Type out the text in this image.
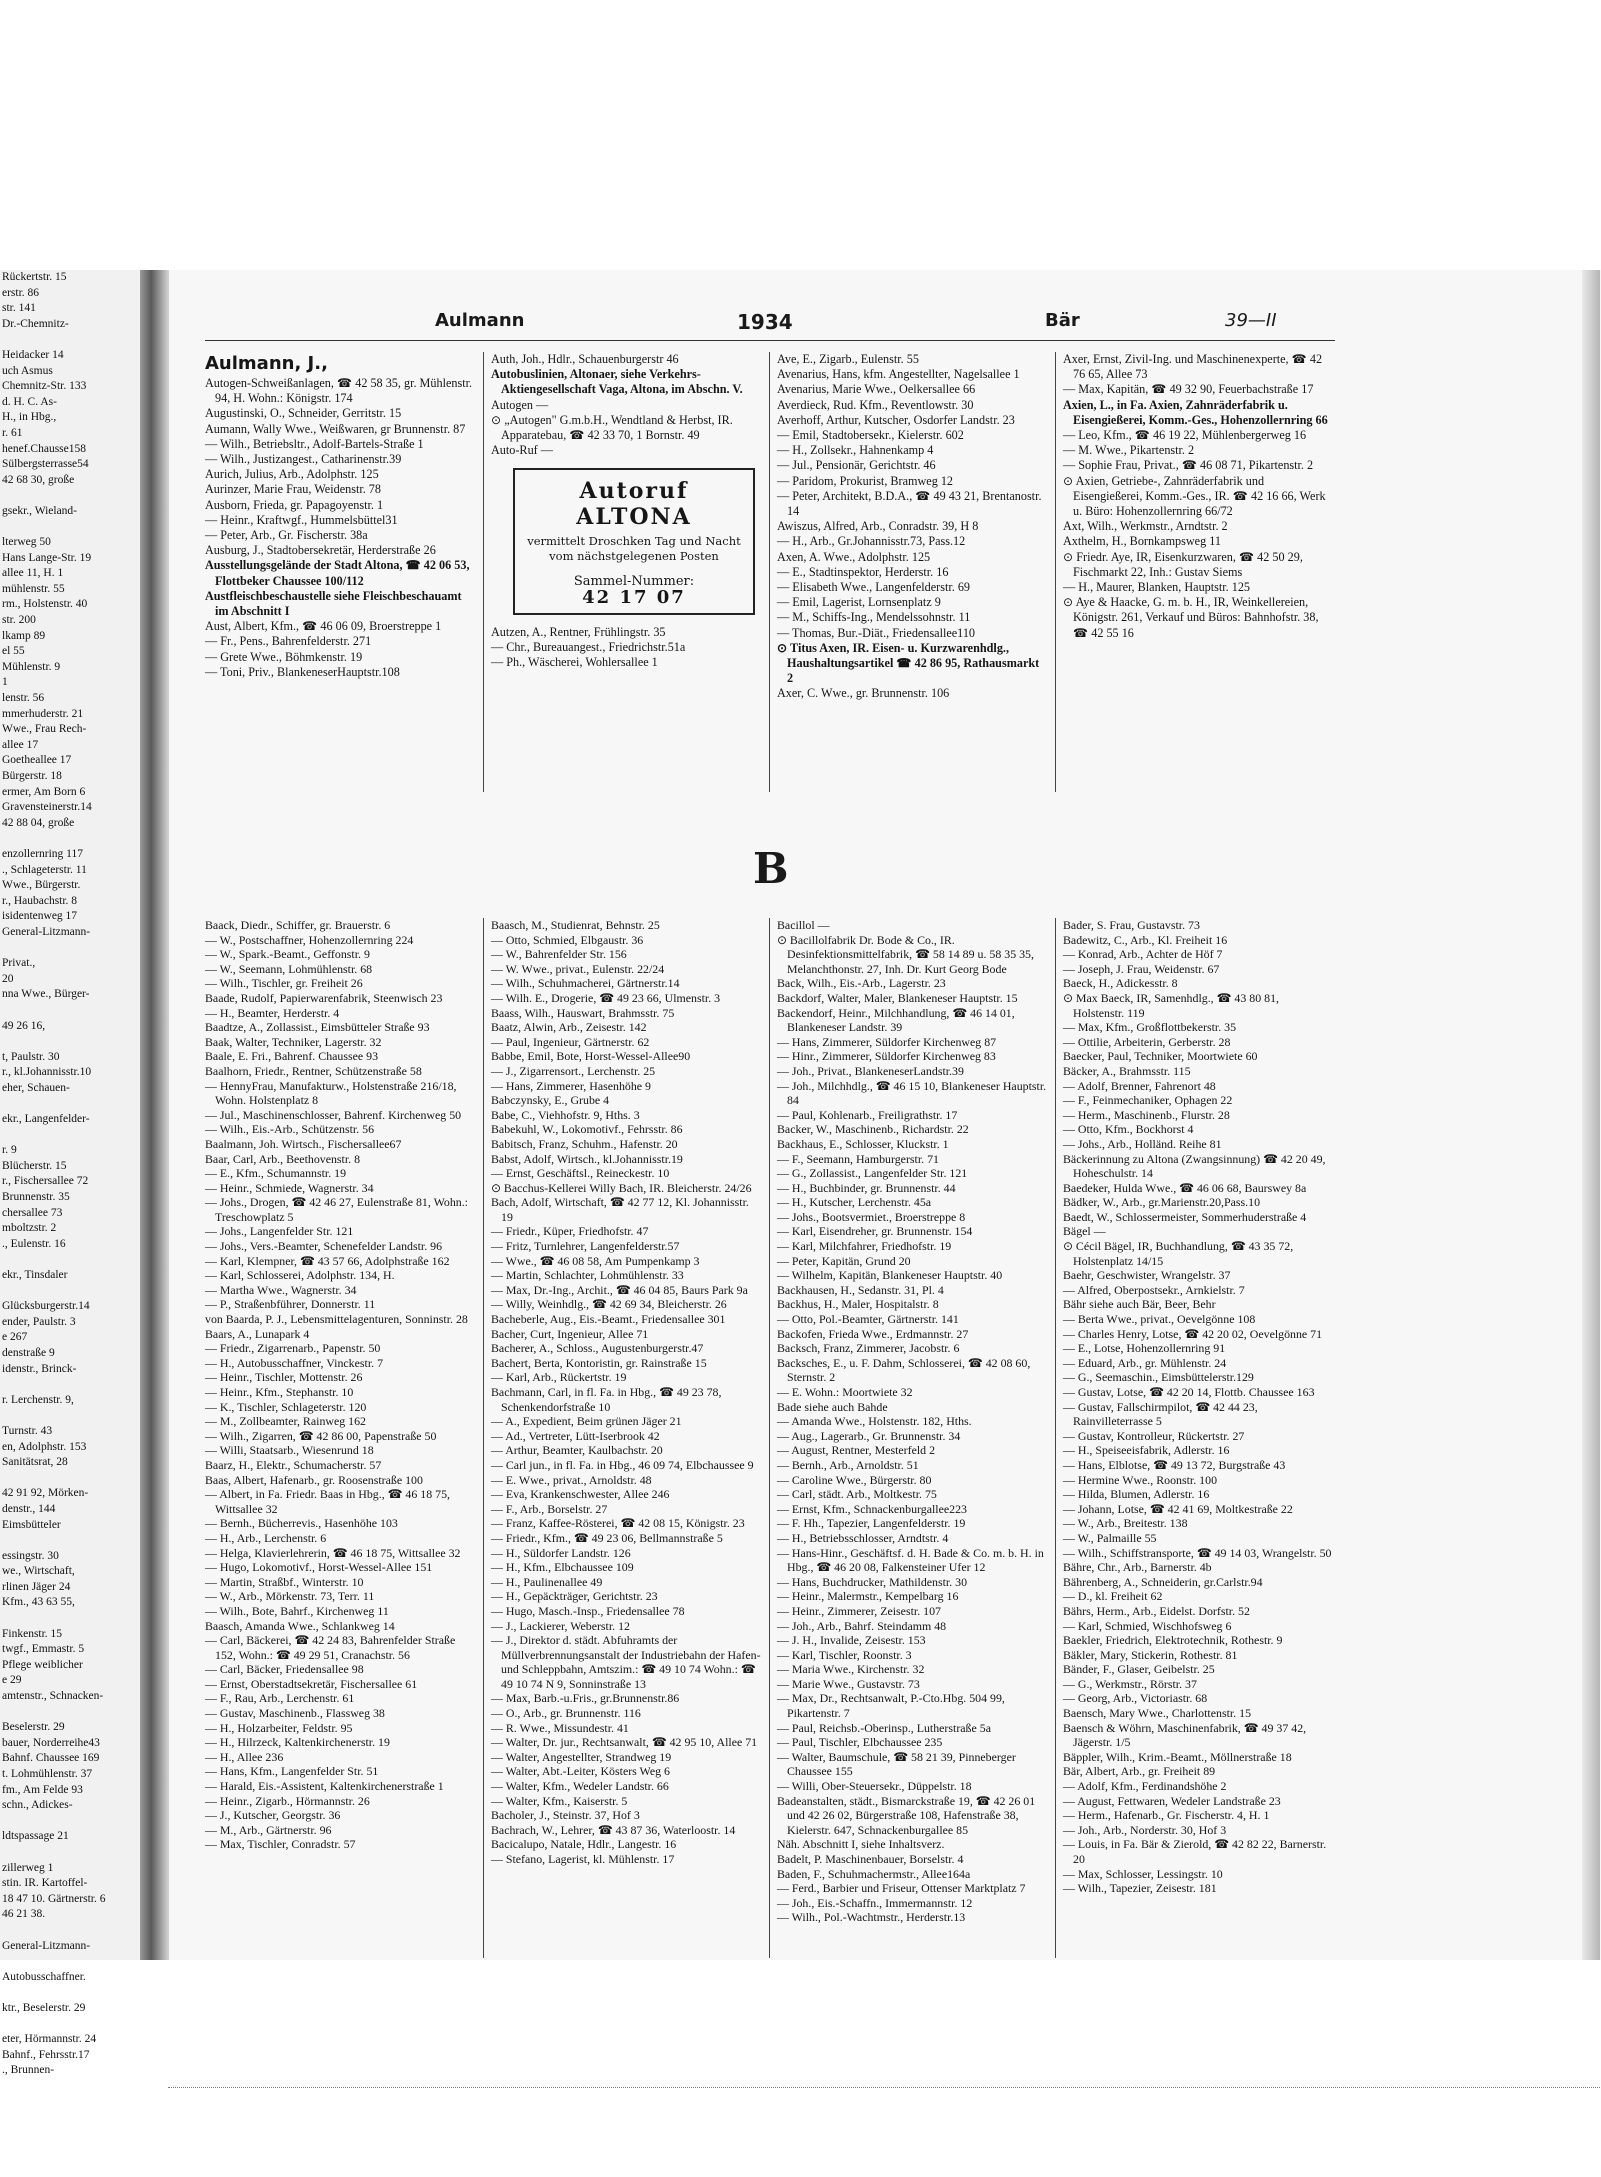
Rückertstr. 15
erstr. 86
str. 141
Dr.-Chemnitz-

Heidacker 14
uch Asmus
Chemnitz-Str. 133
d. H. C. As-
H., in Hbg.,
r. 61
henef.Chausse158
Sülbergsterrasse54
42 68 30, große

gsekr., Wieland-

lterweg 50
Hans Lange-Str. 19
allee 11, H. 1
mühlenstr. 55
rm., Holstenstr. 40
str. 200
lkamp 89
el 55
Mühlenstr. 9
1
lenstr. 56
mmerhuderstr. 21
Wwe., Frau Rech-
allee 17
Goetheallee 17
Bürgerstr. 18
ermer, Am Born 6
Gravensteinerstr.14
42 88 04, große

enzollernring 117
., Schlageterstr. 11
Wwe., Bürgerstr.
r., Haubachstr. 8
isidentenweg 17
General-Litzmann-

Privat.,
20
nna Wwe., Bürger-

49 26 16,

t, Paulstr. 30
r., kl.Johannisstr.10
eher, Schauen-

ekr., Langenfelder-

r. 9
Blücherstr. 15
r., Fischersallee 72
Brunnenstr. 35
chersallee 73
mboltzstr. 2
., Eulenstr. 16

ekr., Tinsdaler

Glücksburgerstr.14
ender, Paulstr. 3
e 267
denstraße 9
idenstr., Brinck-

r. Lerchenstr. 9,

Turnstr. 43
en, Adolphstr. 153
Sanitätsrat, 28

42 91 92, Mörken-
denstr., 144
Eimsbütteler

essingstr. 30
we., Wirtschaft,
rlinen Jäger 24
Kfm., 43 63 55,

Finkenstr. 15
twgf., Emmastr. 5
Pflege weiblicher
e 29
amtenstr., Schnacken-

Beselerstr. 29
bauer, Norderreihe43
Bahnf. Chaussee 169
t. Lohmühlenstr. 37
fm., Am Felde 93
schn., Adickes-

ldtspassage 21

zillerweg 1
stin. IR. Kartoffel-
18 47 10. Gärtnerstr. 6
46 21 38.

General-Litzmann-

Autobusschaffner.

ktr., Beselerstr. 29

eter, Hörmannstr. 24
Bahnf., Fehrsstr.17
., Brunnen-
Aulmann	1934	Bär	39—II

Aulmann, J.,

Autogen-Schweißanlagen, ☎ 42 58 35, gr. Mühlenstr. 94, H. Wohn.: Königstr. 174

Augustinski, O., Schneider, Gerritstr. 15

Aumann, Wally Wwe., Weißwaren, gr Brunnenstr. 87

— Wilh., Betriebsltr., Adolf-Bartels-Straße 1

— Wilh., Justizangest., Catharinenstr.39

Aurich, Julius, Arb., Adolphstr. 125

Aurinzer, Marie Frau, Weidenstr. 78

Ausborn, Frieda, gr. Papagoyenstr. 1

— Heinr., Kraftwgf., Hummelsbüttel31

— Peter, Arb., Gr. Fischerstr. 38a

Ausburg, J., Stadtobersekretär, Herderstraße 26

Ausstellungsgelände der Stadt Altona, ☎ 42 06 53, Flottbeker Chaussee 100/112

Austfleischbeschaustelle siehe Fleischbeschauamt im Abschnitt I

Aust, Albert, Kfm., ☎ 46 06 09, Broerstreppe 1

— Fr., Pens., Bahrenfelderstr. 271

— Grete Wwe., Böhmkenstr. 19

— Toni, Priv., BlankeneserHauptstr.108

Auth, Joh., Hdlr., Schauenburgerstr 46

Autobuslinien, Altonaer, siehe Verkehrs-Aktiengesellschaft Vaga, Altona, im Abschn. V.

Autogen —

⊙ „Autogen" G.m.b.H., Wendtland & Herbst, IR. Apparatebau, ☎ 42 33 70, 1 Bornstr. 49

Auto-Ruf —

Autoruf
ALTONA
vermittelt Droschken Tag und Nacht vom nächstgelegenen Posten
Sammel-Nummer:
42 17 07

Autzen, A., Rentner, Frühlingstr. 35

— Chr., Bureauangest., Friedrichstr.51a

— Ph., Wäscherei, Wohlersallee 1

Ave, E., Zigarb., Eulenstr. 55

Avenarius, Hans, kfm. Angestellter, Nagelsallee 1

Avenarius, Marie Wwe., Oelkersallee 66

Averdieck, Rud. Kfm., Reventlowstr. 30

Averhoff, Arthur, Kutscher, Osdorfer Landstr. 23

— Emil, Stadtobersekr., Kielerstr. 602

— H., Zollsekr., Hahnenkamp 4

— Jul., Pensionär, Gerichtstr. 46

— Paridom, Prokurist, Bramweg 12

— Peter, Architekt, B.D.A., ☎ 49 43 21, Brentanostr. 14

Awiszus, Alfred, Arb., Conradstr. 39, H 8

— H., Arb., Gr.Johannisstr.73, Pass.12

Axen, A. Wwe., Adolphstr. 125

— E., Stadtinspektor, Herderstr. 16

— Elisabeth Wwe., Langenfelderstr. 69

— Emil, Lagerist, Lornsenplatz 9

— M., Schiffs-Ing., Mendelssohnstr. 11

— Thomas, Bur.-Diät., Friedensallee110

⊙ Titus Axen, IR. Eisen- u. Kurzwarenhdlg., Haushaltungsartikel ☎ 42 86 95, Rathausmarkt 2

Axer, C. Wwe., gr. Brunnenstr. 106

Axer, Ernst, Zivil-Ing. und Maschinenexperte, ☎ 42 76 65, Allee 73

— Max, Kapitän, ☎ 49 32 90, Feuerbachstraße 17

Axien, L., in Fa. Axien, Zahnräderfabrik u. Eisengießerei, Komm.-Ges., Hohenzollernring 66

— Leo, Kfm., ☎ 46 19 22, Mühlenbergerweg 16

— M. Wwe., Pikartenstr. 2

— Sophie Frau, Privat., ☎ 46 08 71, Pikartenstr. 2

⊙ Axien, Getriebe-, Zahnräderfabrik und Eisengießerei, Komm.-Ges., IR. ☎ 42 16 66, Werk u. Büro: Hohenzollernring 66/72

Axt, Wilh., Werkmstr., Arndtstr. 2

Axthelm, H., Bornkampsweg 11

⊙ Friedr. Aye, IR, Eisenkurzwaren, ☎ 42 50 29, Fischmarkt 22, Inh.: Gustav Siems

— H., Maurer, Blanken, Hauptstr. 125

⊙ Aye & Haacke, G. m. b. H., IR, Weinkellereien, Königstr. 261, Verkauf und Büros: Bahnhofstr. 38, ☎ 42 55 16

B

Baack, Diedr., Schiffer, gr. Brauerstr. 6

— W., Postschaffner, Hohenzollernring 224

— W., Spark.-Beamt., Geffonstr. 9

— W., Seemann, Lohmühlenstr. 68

— Wilh., Tischler, gr. Freiheit 26

Baade, Rudolf, Papierwarenfabrik, Steenwisch 23

— H., Beamter, Herderstr. 4

Baadtze, A., Zollassist., Eimsbütteler Straße 93

Baak, Walter, Techniker, Lagerstr. 32

Baale, E. Fri., Bahrenf. Chaussee 93

Baalhorn, Friedr., Rentner, Schützenstraße 58

— HennyFrau, Manufakturw., Holstenstraße 216/18, Wohn. Holstenplatz 8

— Jul., Maschinenschlosser, Bahrenf. Kirchenweg 50

— Wilh., Eis.-Arb., Schützenstr. 56

Baalmann, Joh. Wirtsch., Fischersallee67

Baar, Carl, Arb., Beethovenstr. 8

— E., Kfm., Schumannstr. 19

— Heinr., Schmiede, Wagnerstr. 34

— Johs., Drogen, ☎ 42 46 27, Eulenstraße 81, Wohn.: Treschowplatz 5

— Johs., Langenfelder Str. 121

— Johs., Vers.-Beamter, Schenefelder Landstr. 96

— Karl, Klempner, ☎ 43 57 66, Adolphstraße 162

— Karl, Schlosserei, Adolphstr. 134, H.

— Martha Wwe., Wagnerstr. 34

— P., Straßenbführer, Donnerstr. 11

von Baarda, P. J., Lebensmittelagenturen, Sonninstr. 28

Baars, A., Lunapark 4

— Friedr., Zigarrenarb., Papenstr. 50

— H., Autobusschaffner, Vinckestr. 7

— Heinr., Tischler, Mottenstr. 26

— Heinr., Kfm., Stephanstr. 10

— K., Tischler, Schlageterstr. 120

— M., Zollbeamter, Rainweg 162

— Wilh., Zigarren, ☎ 42 86 00, Papenstraße 50

— Willi, Staatsarb., Wiesenrund 18

Baarz, H., Elektr., Schumacherstr. 57

Baas, Albert, Hafenarb., gr. Roosenstraße 100

— Albert, in Fa. Friedr. Baas in Hbg., ☎ 46 18 75, Wittsallee 32

— Bernh., Bücherrevis., Hasenhöhe 103

— H., Arb., Lerchenstr. 6

— Helga, Klavierlehrerin, ☎ 46 18 75, Wittsallee 32

— Hugo, Lokomotivf., Horst-Wessel-Allee 151

— Martin, Straßbf., Winterstr. 10

— W., Arb., Mörkenstr. 73, Terr. 11

— Wilh., Bote, Bahrf., Kirchenweg 11

Baasch, Amanda Wwe., Schlankweg 14

— Carl, Bäckerei, ☎ 42 24 83, Bahrenfelder Straße 152, Wohn.: ☎ 49 29 51, Cranachstr. 56

— Carl, Bäcker, Friedensallee 98

— Ernst, Oberstadtsekretär, Fischersallee 61

— F., Rau, Arb., Lerchenstr. 61

— Gustav, Maschinenb., Flassweg 38

— H., Holzarbeiter, Feldstr. 95

— H., Hilrzeck, Kaltenkirchenerstr. 19

— H., Allee 236

— Hans, Kfm., Langenfelder Str. 51

— Harald, Eis.-Assistent, Kaltenkirchenerstraße 1

— Heinr., Zigarb., Hörmannstr. 26

— J., Kutscher, Georgstr. 36

— M., Arb., Gärtnerstr. 96

— Max, Tischler, Conradstr. 57

Baasch, M., Studienrat, Behnstr. 25

— Otto, Schmied, Elbgaustr. 36

— W., Bahrenfelder Str. 156

— W. Wwe., privat., Eulenstr. 22/24

— Wilh., Schuhmacherei, Gärtnerstr.14

— Wilh. E., Drogerie, ☎ 49 23 66, Ulmenstr. 3

Baass, Wilh., Hauswart, Brahmsstr. 75

Baatz, Alwin, Arb., Zeisestr. 142

— Paul, Ingenieur, Gärtnerstr. 62

Babbe, Emil, Bote, Horst-Wessel-Allee90

— J., Zigarrensort., Lerchenstr. 25

— Hans, Zimmerer, Hasenhöhe 9

Babczynsky, E., Grube 4

Babe, C., Viehhofstr. 9, Hths. 3

Babekuhl, W., Lokomotivf., Fehrsstr. 86

Babitsch, Franz, Schuhm., Hafenstr. 20

Babst, Adolf, Wirtsch., kl.Johannisstr.19

— Ernst, Geschäftsl., Reineckestr. 10

⊙ Bacchus-Kellerei Willy Bach, IR. Bleicherstr. 24/26

Bach, Adolf, Wirtschaft, ☎ 42 77 12, Kl. Johannisstr. 19

— Friedr., Küper, Friedhofstr. 47

— Fritz, Turnlehrer, Langenfelderstr.57

— Wwe., ☎ 46 08 58, Am Pumpenkamp 3

— Martin, Schlachter, Lohmühlenstr. 33

— Max, Dr.-Ing., Archit., ☎ 46 04 85, Baurs Park 9a

— Willy, Weinhdlg., ☎ 42 69 34, Bleicherstr. 26

Bacheberle, Aug., Eis.-Beamt., Friedensallee 301

Bacher, Curt, Ingenieur, Allee 71

Bacherer, A., Schloss., Augustenburgerstr.47

Bachert, Berta, Kontoristin, gr. Rainstraße 15

— Karl, Arb., Rückertstr. 19

Bachmann, Carl, in fl. Fa. in Hbg., ☎ 49 23 78, Schenkendorfstraße 10

— A., Expedient, Beim grünen Jäger 21

— Ad., Vertreter, Lütt-Iserbrook 42

— Arthur, Beamter, Kaulbachstr. 20

— Carl jun., in fl. Fa. in Hbg., 46 09 74, Elbchaussee 9

— E. Wwe., privat., Arnoldstr. 48

— Eva, Krankenschwester, Allee 246

— F., Arb., Borselstr. 27

— Franz, Kaffee-Rösterei, ☎ 42 08 15, Königstr. 23

— Friedr., Kfm., ☎ 49 23 06, Bellmannstraße 5

— H., Süldorfer Landstr. 126

— H., Kfm., Elbchaussee 109

— H., Paulinenallee 49

— H., Gepäckträger, Gerichtstr. 23

— Hugo, Masch.-Insp., Friedensallee 78

— J., Lackierer, Weberstr. 12

— J., Direktor d. städt. Abfuhramts der Müllverbrennungsanstalt der Industriebahn der Hafen- und Schleppbahn, Amtszim.: ☎ 49 10 74 Wohn.: ☎ 49 10 74 N 9, Sonninstraße 13

— Max, Barb.-u.Fris., gr.Brunnenstr.86

— O., Arb., gr. Brunnenstr. 116

— R. Wwe., Missundestr. 41

— Walter, Dr. jur., Rechtsanwalt, ☎ 42 95 10, Allee 71

— Walter, Angestellter, Strandweg 19

— Walter, Abt.-Leiter, Kösters Weg 6

— Walter, Kfm., Wedeler Landstr. 66

— Walter, Kfm., Kaiserstr. 5

Bacholer, J., Steinstr. 37, Hof 3

Bachrach, W., Lehrer, ☎ 43 87 36, Waterloostr. 14

Bacicalupo, Natale, Hdlr., Langestr. 16

— Stefano, Lagerist, kl. Mühlenstr. 17

Bacillol —

⊙ Bacillolfabrik Dr. Bode & Co., IR. Desinfektionsmittelfabrik, ☎ 58 14 89 u. 58 35 35, Melanchthonstr. 27, Inh. Dr. Kurt Georg Bode

Back, Wilh., Eis.-Arb., Lagerstr. 23

Backdorf, Walter, Maler, Blankeneser Hauptstr. 15

Backendorf, Heinr., Milchhandlung, ☎ 46 14 01, Blankeneser Landstr. 39

— Hans, Zimmerer, Süldorfer Kirchenweg 87

— Hinr., Zimmerer, Süldorfer Kirchenweg 83

— Joh., Privat., BlankeneserLandstr.39

— Joh., Milchhdlg., ☎ 46 15 10, Blankeneser Hauptstr. 84

— Paul, Kohlenarb., Freiligrathstr. 17

Backer, W., Maschinenb., Richardstr. 22

Backhaus, E., Schlosser, Kluckstr. 1

— F., Seemann, Hamburgerstr. 71

— G., Zollassist., Langenfelder Str. 121

— H., Buchbinder, gr. Brunnenstr. 44

— H., Kutscher, Lerchenstr. 45a

— Johs., Bootsvermiet., Broerstreppe 8

— Karl, Eisendreher, gr. Brunnenstr. 154

— Karl, Milchfahrer, Friedhofstr. 19

— Peter, Kapitän, Grund 20

— Wilhelm, Kapitän, Blankeneser Hauptstr. 40

Backhausen, H., Sedanstr. 31, Pl. 4

Backhus, H., Maler, Hospitalstr. 8

— Otto, Pol.-Beamter, Gärtnerstr. 141

Backofen, Frieda Wwe., Erdmannstr. 27

Backsch, Franz, Zimmerer, Jacobstr. 6

Backsches, E., u. F. Dahm, Schlosserei, ☎ 42 08 60, Sternstr. 2

— E. Wohn.: Moortwiete 32

Bade siehe auch Bahde

— Amanda Wwe., Holstenstr. 182, Hths.

— Aug., Lagerarb., Gr. Brunnenstr. 34

— August, Rentner, Mesterfeld 2

— Bernh., Arb., Arnoldstr. 51

— Caroline Wwe., Bürgerstr. 80

— Carl, städt. Arb., Moltkestr. 75

— Ernst, Kfm., Schnackenburgallee223

— F. Hh., Tapezier, Langenfelderstr. 19

— H., Betriebsschlosser, Arndtstr. 4

— Hans-Hinr., Geschäftsf. d. H. Bade & Co. m. b. H. in Hbg., ☎ 46 20 08, Falkensteiner Ufer 12

— Hans, Buchdrucker, Mathildenstr. 30

— Heinr., Malermstr., Kempelbarg 16

— Heinr., Zimmerer, Zeisestr. 107

— Joh., Arb., Bahrf. Steindamm 48

— J. H., Invalide, Zeisestr. 153

— Karl, Tischler, Roonstr. 3

— Maria Wwe., Kirchenstr. 32

— Marie Wwe., Gustavstr. 73

— Max, Dr., Rechtsanwalt, P.-Cto.Hbg. 504 99, Pikartenstr. 7

— Paul, Reichsb.-Oberinsp., Lutherstraße 5a

— Paul, Tischler, Elbchaussee 235

— Walter, Baumschule, ☎ 58 21 39, Pinneberger Chaussee 155

— Willi, Ober-Steuersekr., Düppelstr. 18

Badeanstalten, städt., Bismarckstraße 19, ☎ 42 26 01 und 42 26 02, Bürgerstraße 108, Hafenstraße 38, Kielerstr. 647, Schnackenburgallee 85

Näh. Abschnitt I, siehe Inhaltsverz.

Badelt, P. Maschinenbauer, Borselstr. 4

Baden, F., Schuhmachermstr., Allee164a

— Ferd., Barbier und Friseur, Ottenser Marktplatz 7

— Joh., Eis.-Schaffn., Immermannstr. 12

— Wilh., Pol.-Wachtmstr., Herderstr.13

Bader, S. Frau, Gustavstr. 73

Badewitz, C., Arb., Kl. Freiheit 16

— Konrad, Arb., Achter de Höf 7

— Joseph, J. Frau, Weidenstr. 67

Baeck, H., Adickesstr. 8

⊙ Max Baeck, IR, Samenhdlg., ☎ 43 80 81, Holstenstr. 119

— Max, Kfm., Großflottbekerstr. 35

— Ottilie, Arbeiterin, Gerberstr. 28

Baecker, Paul, Techniker, Moortwiete 60

Bäcker, A., Brahmsstr. 115

— Adolf, Brenner, Fahrenort 48

— F., Feinmechaniker, Ophagen 22

— Herm., Maschinenb., Flurstr. 28

— Otto, Kfm., Bockhorst 4

— Johs., Arb., Holländ. Reihe 81

Bäckerinnung zu Altona (Zwangsinnung) ☎ 42 20 49, Hoheschulstr. 14

Baedeker, Hulda Wwe., ☎ 46 06 68, Baurswey 8a

Bädker, W., Arb., gr.Marienstr.20,Pass.10

Baedt, W., Schlossermeister, Sommerhuderstraße 4

Bägel —

⊙ Cécil Bägel, IR, Buchhandlung, ☎ 43 35 72, Holstenplatz 14/15

Baehr, Geschwister, Wrangelstr. 37

— Alfred, Oberpostsekr., Arnkielstr. 7

Bähr siehe auch Bär, Beer, Behr

— Berta Wwe., privat., Oevelgönne 108

— Charles Henry, Lotse, ☎ 42 20 02, Oevelgönne 71

— E., Lotse, Hohenzollernring 91

— Eduard, Arb., gr. Mühlenstr. 24

— G., Seemaschin., Eimsbüttelerstr.129

— Gustav, Lotse, ☎ 42 20 14, Flottb. Chaussee 163

— Gustav, Fallschirmpilot, ☎ 42 44 23, Rainvilleterrasse 5

— Gustav, Kontrolleur, Rückertstr. 27

— H., Speiseeisfabrik, Adlerstr. 16

— Hans, Elblotse, ☎ 49 13 72, Burgstraße 43

— Hermine Wwe., Roonstr. 100

— Hilda, Blumen, Adlerstr. 16

— Johann, Lotse, ☎ 42 41 69, Moltkestraße 22

— W., Arb., Breitestr. 138

— W., Palmaille 55

— Wilh., Schiffstransporte, ☎ 49 14 03, Wrangelstr. 50

Bähre, Chr., Arb., Barnerstr. 4b

Bährenberg, A., Schneiderin, gr.Carlstr.94

— D., kl. Freiheit 62

Bährs, Herm., Arb., Eidelst. Dorfstr. 52

— Karl, Schmied, Wischhofsweg 6

Baekler, Friedrich, Elektrotechnik, Rothestr. 9

Bäkler, Mary, Stickerin, Rothestr. 81

Bänder, F., Glaser, Geibelstr. 25

— G., Werkmstr., Rörstr. 37

— Georg, Arb., Victoriastr. 68

Baensch, Mary Wwe., Charlottenstr. 15

Baensch & Wöhrn, Maschinenfabrik, ☎ 49 37 42, Jägerstr. 1/5

Bäppler, Wilh., Krim.-Beamt., Möllnerstraße 18

Bär, Albert, Arb., gr. Freiheit 89

— Adolf, Kfm., Ferdinandshöhe 2

— August, Fettwaren, Wedeler Landstraße 23

— Herm., Hafenarb., Gr. Fischerstr. 4, H. 1

— Joh., Arb., Norderstr. 30, Hof 3

— Louis, in Fa. Bär & Zierold, ☎ 42 82 22, Barnerstr. 20

— Max, Schlosser, Lessingstr. 10

— Wilh., Tapezier, Zeisestr. 181
